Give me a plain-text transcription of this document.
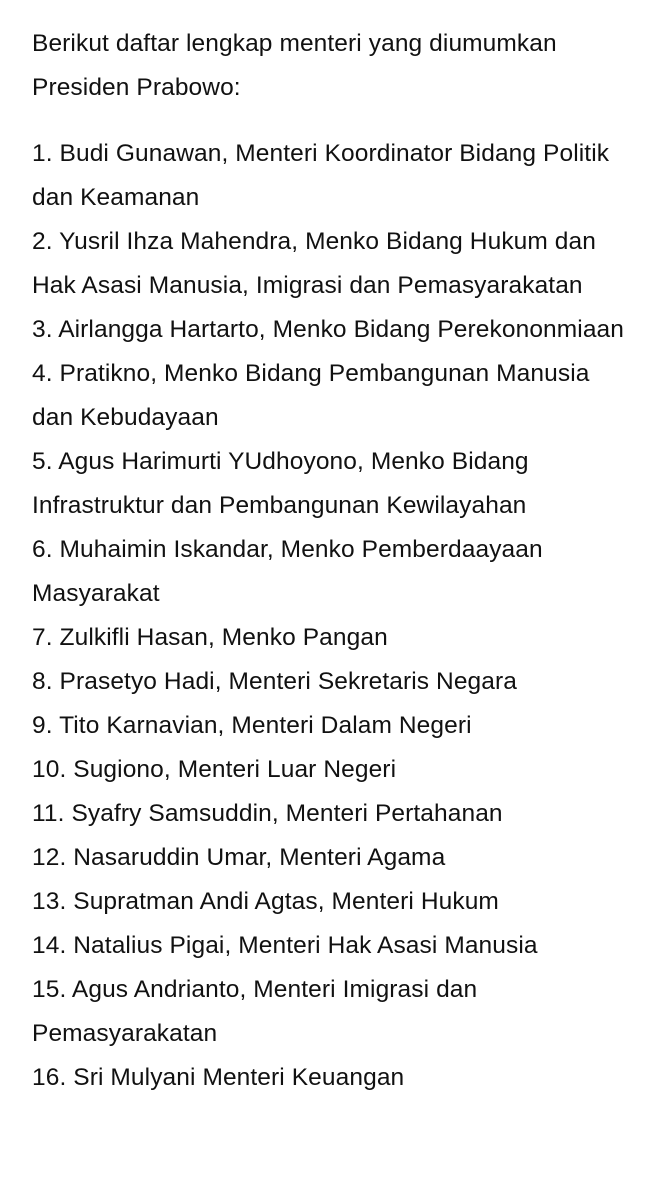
Berikut daftar lengkap menteri yang diumumkan Presiden Prabowo:

1. Budi Gunawan, Menteri Koordinator Bidang Politik dan Keamanan
2. Yusril Ihza Mahendra, Menko Bidang Hukum dan Hak Asasi Manusia, Imigrasi dan Pemasyarakatan
3. Airlangga Hartarto, Menko Bidang Perekononmiaan
4. Pratikno, Menko Bidang Pembangunan Manusia dan Kebudayaan
5. Agus Harimurti YUdhoyono, Menko Bidang Infrastruktur dan Pembangunan Kewilayahan
6. Muhaimin Iskandar, Menko Pemberdaayaan Masyarakat
7. Zulkifli Hasan, Menko Pangan
8. Prasetyo Hadi, Menteri Sekretaris Negara
9. Tito Karnavian, Menteri Dalam Negeri
10. Sugiono, Menteri Luar Negeri
11. Syafry Samsuddin, Menteri Pertahanan
12. Nasaruddin Umar, Menteri Agama
13. Supratman Andi Agtas, Menteri Hukum
14. Natalius Pigai, Menteri Hak Asasi Manusia
15. Agus Andrianto, Menteri Imigrasi dan Pemasyarakatan
16. Sri Mulyani Menteri Keuangan
